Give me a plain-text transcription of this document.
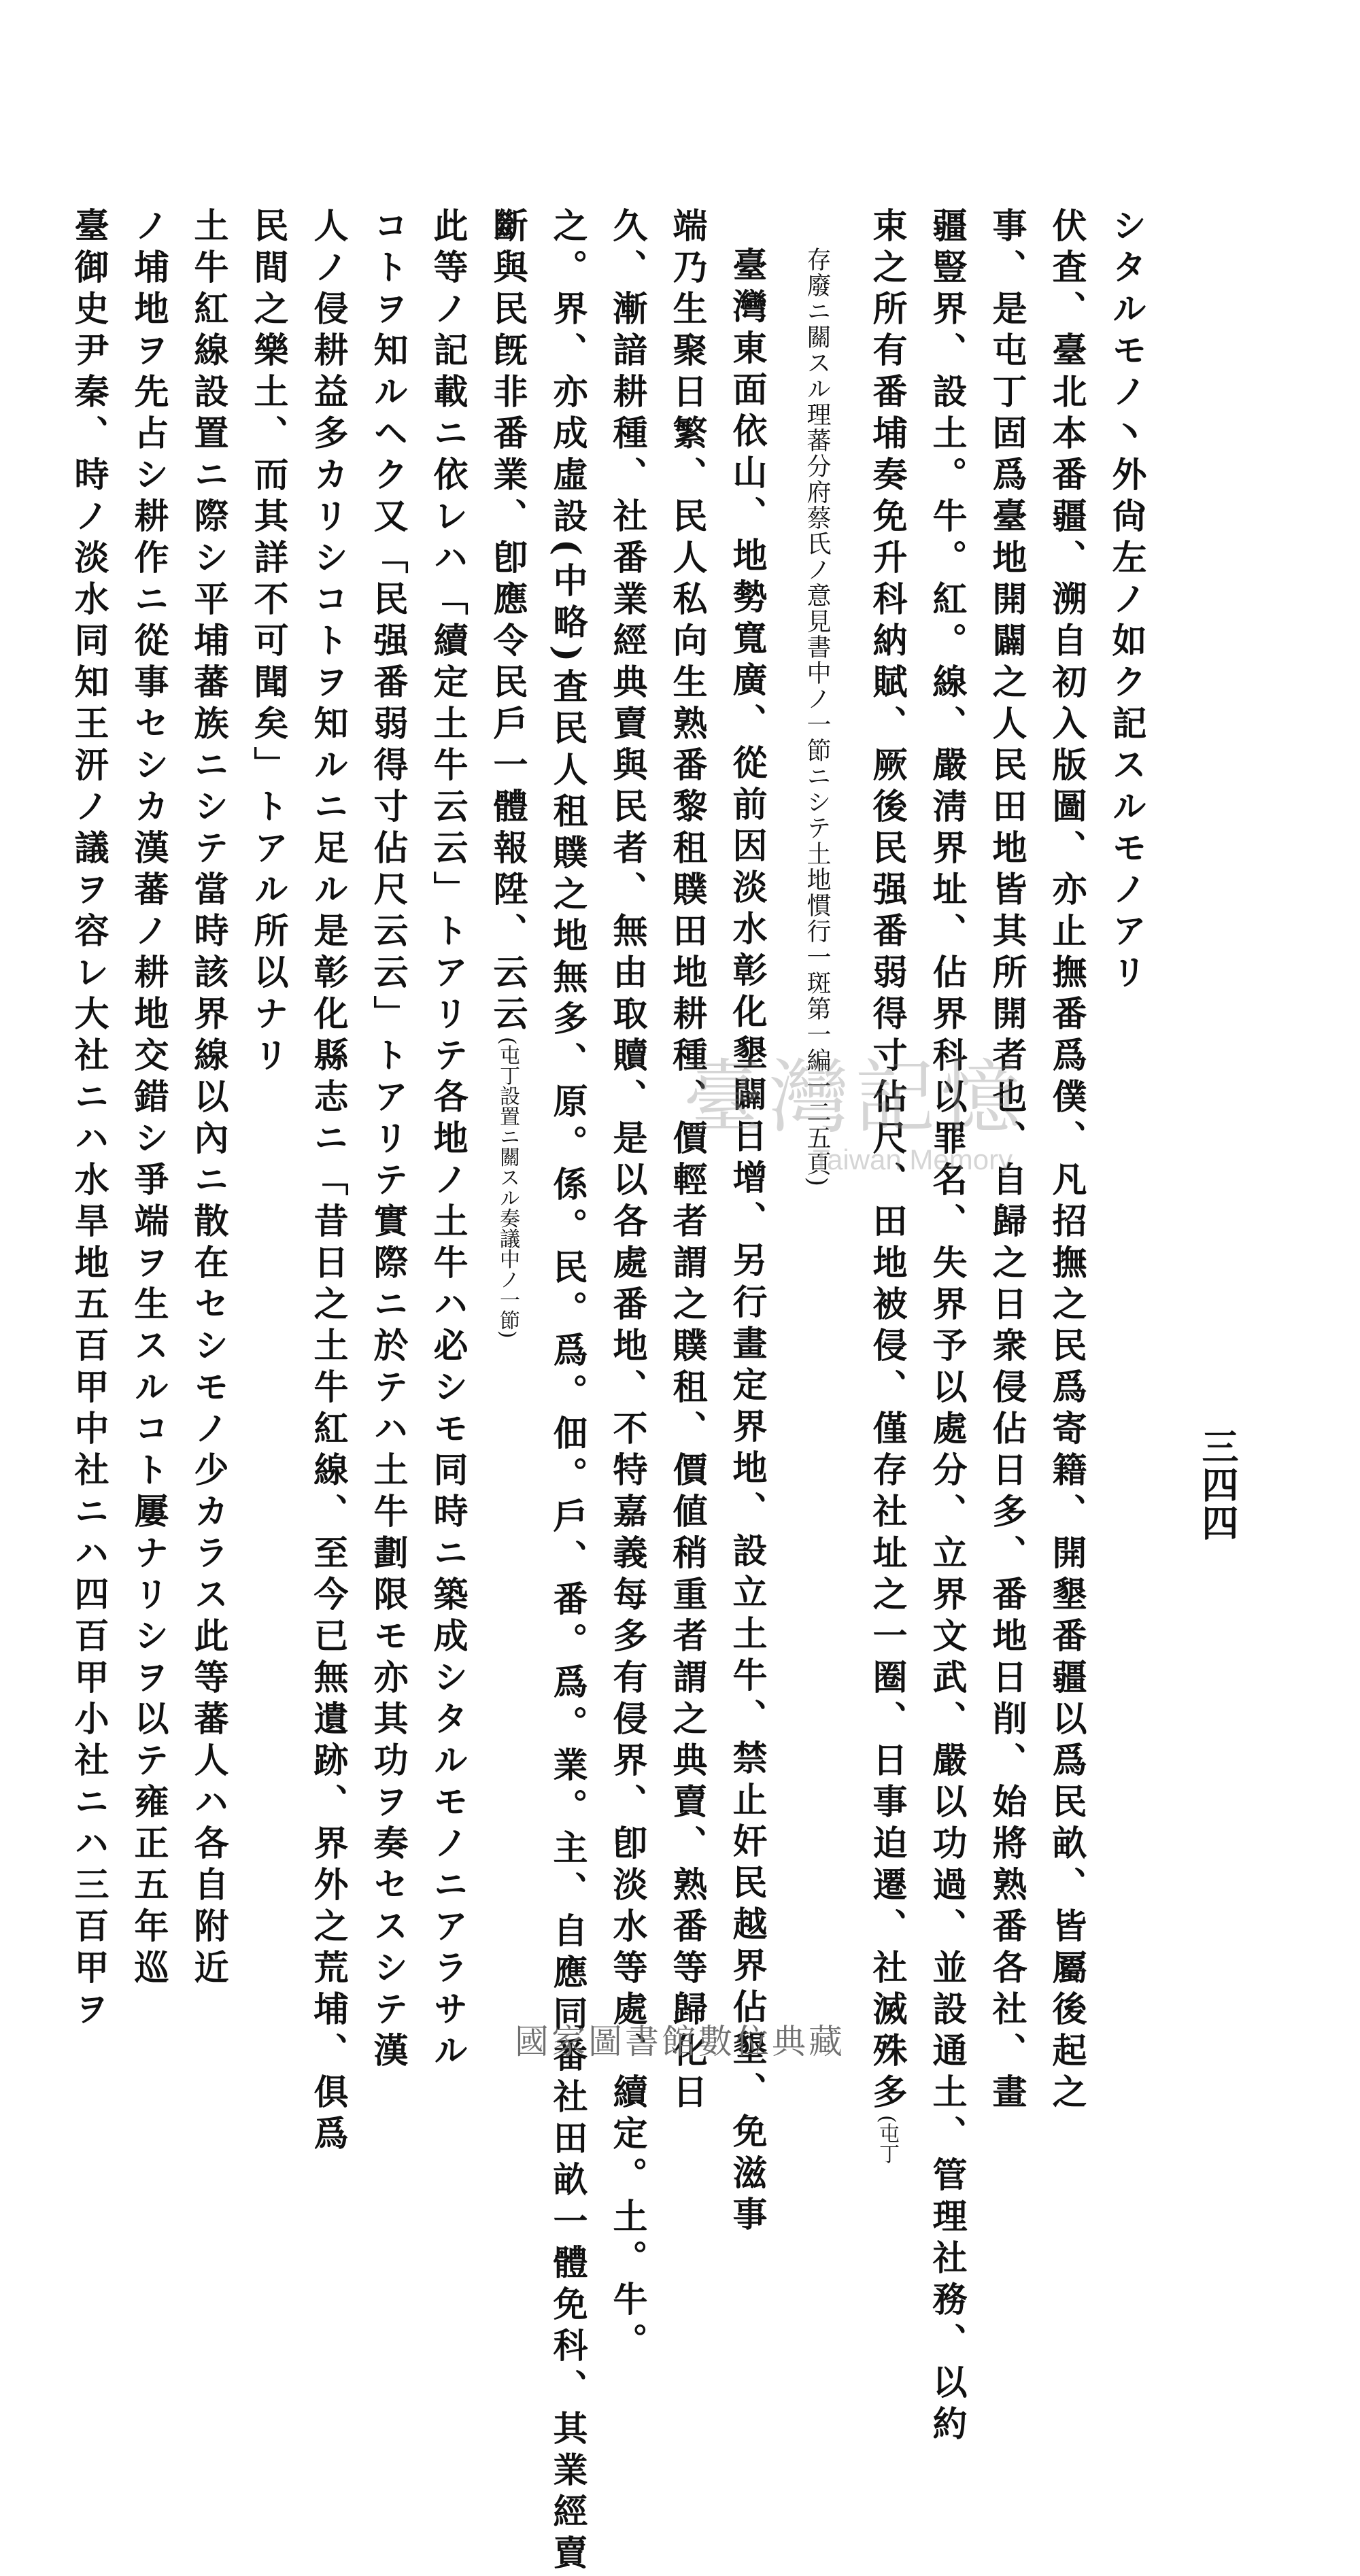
三四四

シタルモノ丶外尙左ノ如ク記スルモノアリ

伏査、臺北本番疆、溯自初入版圖、亦止撫番爲僕、凡招撫之民爲寄籍、開墾番疆以爲民畝、皆屬後起之

事、是屯丁固爲臺地開闢之人民田地皆其所開者也、自歸之日衆侵佔日多、番地日削、始將熟番各社、畫

疆豎界、設土。牛。紅。線、嚴淸界址、佔界科以罪名、失界予以處分、立界文武、嚴以功過、並設通土、管理社務、以約

束之所有番埔奏免升科納賦、厥後民强番弱得寸佔尺、田地被侵、僅存社址之一圈、日事迫遷、社滅殊多(屯丁

存廢ニ關スル理蕃分府蔡氏ノ意見書中ノ一節ニシテ土地慣行一斑第一編一二五頁)

臺灣東面依山、地勢寬廣、從前因淡水彰化墾闢日增、另行畫定界地、設立土牛、禁止奸民越界佔墾、免滋事

端乃生聚日繁、民人私向生熟番黎租贌田地耕種、價輕者謂之贌租、價値稍重者謂之典賣、熟番等歸化日

久、漸諳耕種、社番業經典賣與民者、無由取贖、是以各處番地、不特嘉義每多有侵界、卽淡水等處、續定。土。牛。

之。界、亦成虛設(中略)査民人租贌之地無多、原。係。民。爲。佃。戶、番。爲。業。主、自應同番社田畝一體免科、其業經賣

斷與民旣非番業、卽應令民戶一體報陞、云云(屯丁設置ニ關スル奏議中ノ一節)

此等ノ記載ニ依レハ「續定土牛云云」トアリテ各地ノ土牛ハ必シモ同時ニ築成シタルモノニアラサル

コトヲ知ルヘク又「民强番弱得寸佔尺云云」トアリテ實際ニ於テハ土牛劃限モ亦其功ヲ奏セスシテ漢

人ノ侵耕益多カリシコトヲ知ルニ足ル是彰化縣志ニ「昔日之土牛紅線、至今已無遺跡、界外之荒埔、俱爲

民間之樂土、而其詳不可聞矣」トアル所以ナリ

土牛紅線設置ニ際シ平埔蕃族ニシテ當時該界線以內ニ散在セシモノ少カラス此等蕃人ハ各自附近

ノ埔地ヲ先占シ耕作ニ從事セシカ漢蕃ノ耕地交錯シ爭端ヲ生スルコト屢ナリシヲ以テ雍正五年巡

臺御史尹秦、時ノ淡水同知王汧ノ議ヲ容レ大社ニハ水旱地五百甲中社ニハ四百甲小社ニハ三百甲ヲ	臺灣記憶
Taiwan Memory
國家圖書館數位典藏
